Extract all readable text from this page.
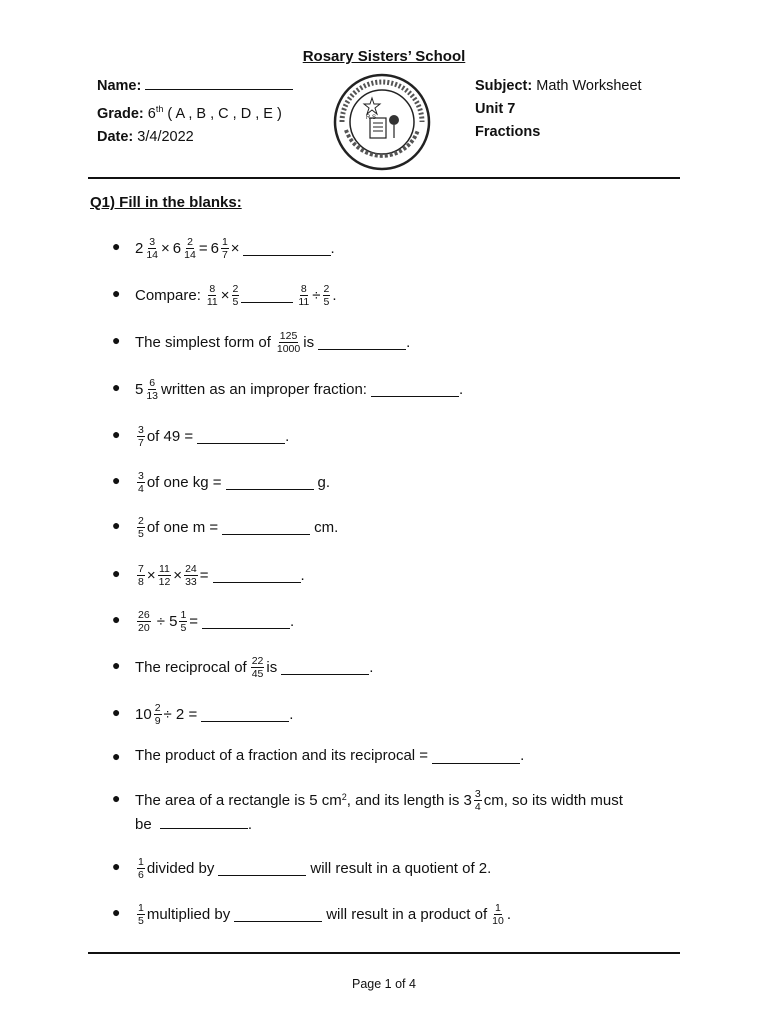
Rosary Sisters’ School
Name:
Grade: 6th ( A , B , C , D , E )
Date: 3/4/2022
R.S
Subject: Math Worksheet
Unit 7
Fractions
Q1) Fill in the blanks:
● $2 \frac{3}{14} \times 6 \frac{2}{14} = 6 \frac{1}{7}$ ×	.
● Compare: $\frac{8}{11} \times \frac{2}{5}$	$\frac{8}{11} \div \frac{2}{5}$ .
● The simplest form of $\frac{125}{1000}$ is	.
● $5 \frac{6}{13}$ written as an improper fraction:	.
● $\frac{3}{7}$ of 49 =	.
● $\frac{3}{4}$ of one kg =	g.
● $\frac{2}{5}$ of one m =	cm.
● $\frac{7}{8} \times \frac{11}{12} \times \frac{24}{33}$ =	.
● $\frac{26}{20} \div 5 \frac{1}{5}$ =	.
● The reciprocal of $\frac{22}{45}$ is	.
● $10 \frac{2}{9} \div 2$ =	.
● The product of a fraction and its reciprocal =	.
● The area of a rectangle is 5 $cm^2$ , and its length is $3 \frac{3}{4}$ cm, so its width must
be	.
● $\frac{1}{6}$ divided by	will result in a quotient of 2.
● $\frac{1}{5}$ multiplied by	will result in a product of $\frac{1}{10}$ .
Page 1 of 4
